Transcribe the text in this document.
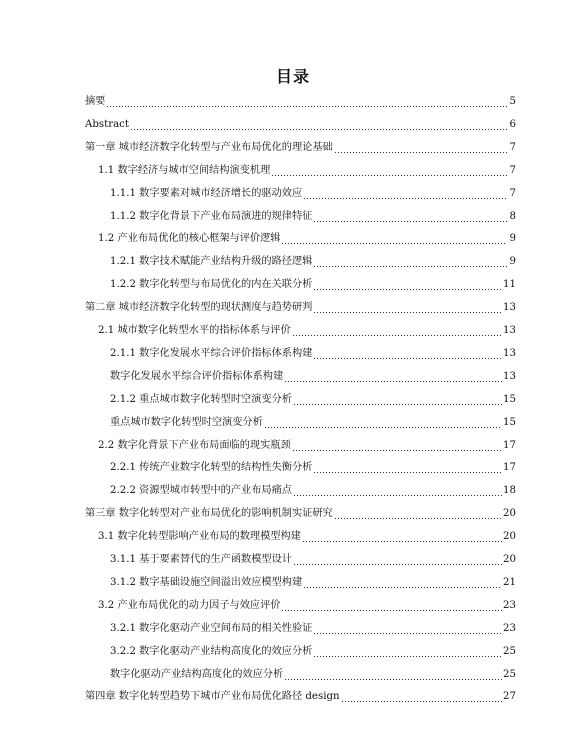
目录
摘要	5
Abstract	6
第一章 城市经济数字化转型与产业布局优化的理论基础	7
1.1 数字经济与城市空间结构演变机理	7
1.1.1 数字要素对城市经济增长的驱动效应	7
1.1.2 数字化背景下产业布局演进的规律特征	8
1.2 产业布局优化的核心框架与评价逻辑	9
1.2.1 数字技术赋能产业结构升级的路径逻辑	9
1.2.2 数字化转型与布局优化的内在关联分析	11
第二章 城市经济数字化转型的现状测度与趋势研判	13
2.1 城市数字化转型水平的指标体系与评价	13
2.1.1 数字化发展水平综合评价指标体系构建	13
数字化发展水平综合评价指标体系构建	13
2.1.2 重点城市数字化转型时空演变分析	15
重点城市数字化转型时空演变分析	15
2.2 数字化背景下产业布局面临的现实瓶颈	17
2.2.1 传统产业数字化转型的结构性失衡分析	17
2.2.2 资源型城市转型中的产业布局痛点	18
第三章 数字化转型对产业布局优化的影响机制实证研究	20
3.1 数字化转型影响产业布局的数理模型构建	20
3.1.1 基于要素替代的生产函数模型设计	20
3.1.2 数字基础设施空间溢出效应模型构建	21
3.2 产业布局优化的动力因子与效应评价	23
3.2.1 数字化驱动产业空间布局的相关性验证	23
3.2.2 数字化驱动产业结构高度化的效应分析	25
数字化驱动产业结构高度化的效应分析	25
第四章 数字化转型趋势下城市产业布局优化路径 design	27
